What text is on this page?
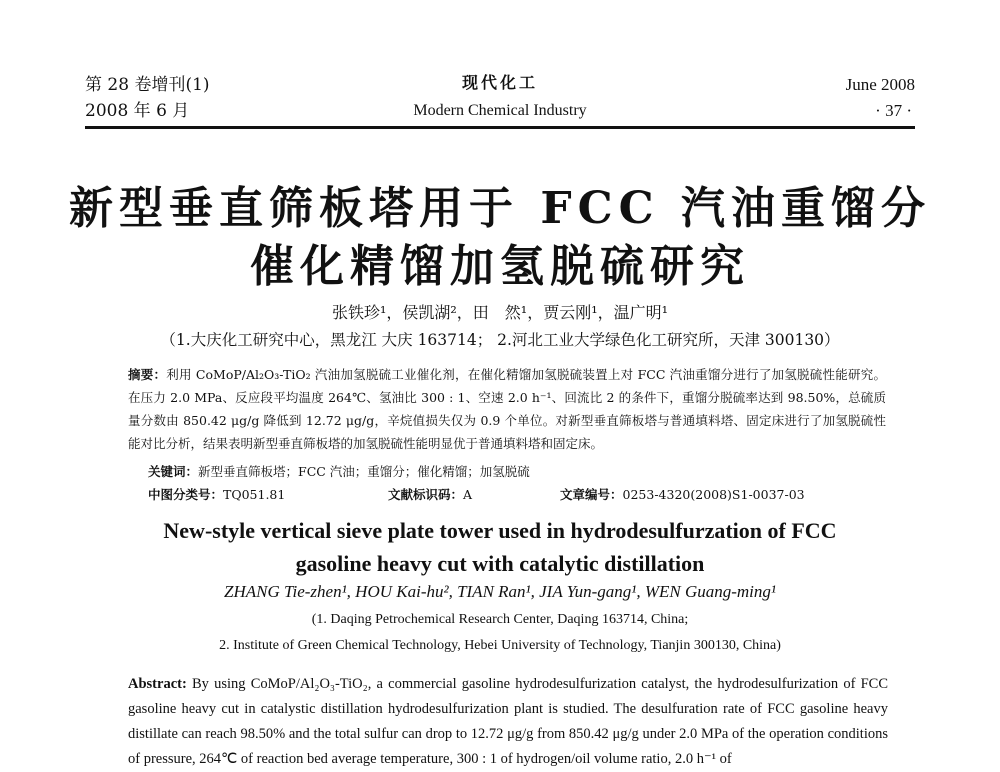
第 28 卷增刊(1)
2008 年 6 月
现代化工
Modern Chemical Industry
June 2008
· 37 ·
新型垂直筛板塔用于 FCC 汽油重馏分
催化精馏加氢脱硫研究
张铁珍¹，侯凯湖²，田　然¹，贾云刚¹，温广明¹
（1.大庆化工研究中心，黑龙江 大庆 163714； 2.河北工业大学绿色化工研究所，天津 300130）
摘要：利用 CoMoP/Al₂O₃-TiO₂ 汽油加氢脱硫工业催化剂，在催化精馏加氢脱硫装置上对 FCC 汽油重馏分进行了加氢脱硫性能研究。在压力 2.0 MPa、反应段平均温度 264℃、氢油比 300 : 1、空速 2.0 h⁻¹、回流比 2 的条件下，重馏分脱硫率达到 98.50%，总硫质量分数由 850.42 μg/g 降低到 12.72 μg/g，辛烷值损失仅为 0.9 个单位。对新型垂直筛板塔与普通填料塔、固定床进行了加氢脱硫性能对比分析，结果表明新型垂直筛板塔的加氢脱硫性能明显优于普通填料塔和固定床。
关键词：新型垂直筛板塔；FCC 汽油；重馏分；催化精馏；加氢脱硫
中图分类号：TQ051.81	文献标识码：A	文章编号：0253-4320(2008)S1-0037-03
New-style vertical sieve plate tower used in hydrodesulfurzation of FCC
gasoline heavy cut with catalytic distillation
ZHANG Tie-zhen¹, HOU Kai-hu², TIAN Ran¹, JIA Yun-gang¹, WEN Guang-ming¹
(1. Daqing Petrochemical Research Center, Daqing 163714, China;
2. Institute of Green Chemical Technology, Hebei University of Technology, Tianjin 300130, China)
Abstract: By using CoMoP/Al₂O₃-TiO₂, a commercial gasoline hydrodesulfurization catalyst, the hydrodesulfurization of FCC gasoline heavy cut in catalystic distillation hydrodesulfurization plant is studied. The desulfuration rate of FCC gasoline heavy distillate can reach 98.50% and the total sulfur can drop to 12.72 μg/g from 850.42 μg/g under 2.0 MPa of the operation conditions of pressure, 264℃ of reaction bed average temperature, 300 : 1 of hydrogen/oil volume ratio, 2.0 h⁻¹ of
